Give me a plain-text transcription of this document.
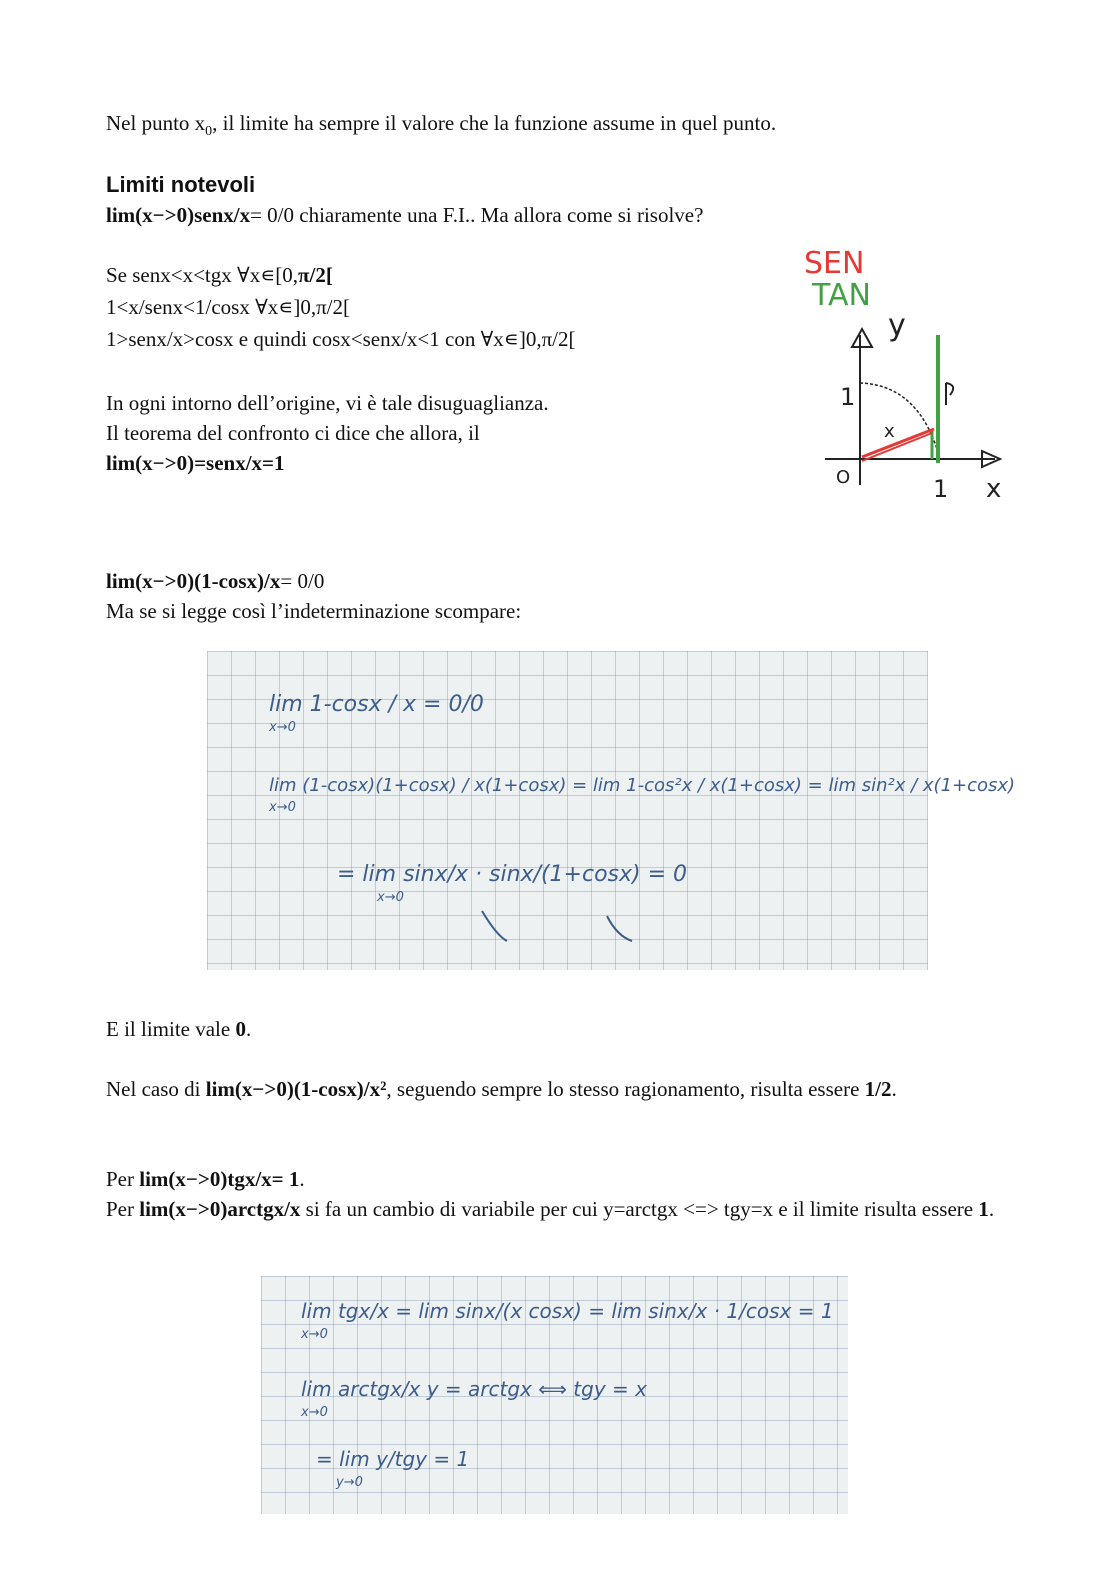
Nel punto $x_0$, il limite ha sempre il valore che la funzione assume in quel punto.
Limiti notevoli
lim(x−>0)senx/x= 0/0 chiaramente una F.I.. Ma allora come si risolve?
Se senx<x<tgx ∀x∊[0,π/2[
1<x/senx<1/cosx ∀x∊]0,π/2[
1>senx/x>cosx e quindi cosx<senx/x<1 con ∀x∊]0,π/2[
In ogni intorno dell’origine, vi è tale disuguaglianza.
Il teorema del confronto ci dice che allora, il
lim(x−>0)=senx/x=1
SEN
TAN
y
x
1
1
O
x
lim(x−>0)(1-cosx)/x= 0/0
Ma se si legge così l’indeterminazione scompare:
lim 1-cosx / x = 0/0
x→0
lim (1-cosx)(1+cosx) / x(1+cosx) = lim 1-cos²x / x(1+cosx) = lim sin²x / x(1+cosx)
x→0
= lim sinx/x · sinx/(1+cosx) = 0
x→0
E il limite vale 0.
Nel caso di lim(x−>0)(1-cosx)/x², seguendo sempre lo stesso ragionamento, risulta essere 1/2.
Per lim(x−>0)tgx/x= 1.
Per lim(x−>0)arctgx/x si fa un cambio di variabile per cui y=arctgx <=> tgy=x e il limite risulta essere 1.
lim tgx/x = lim sinx/(x cosx) = lim sinx/x · 1/cosx = 1
x→0
lim arctgx/x y = arctgx ⟺ tgy = x
x→0
= lim y/tgy = 1
y→0
